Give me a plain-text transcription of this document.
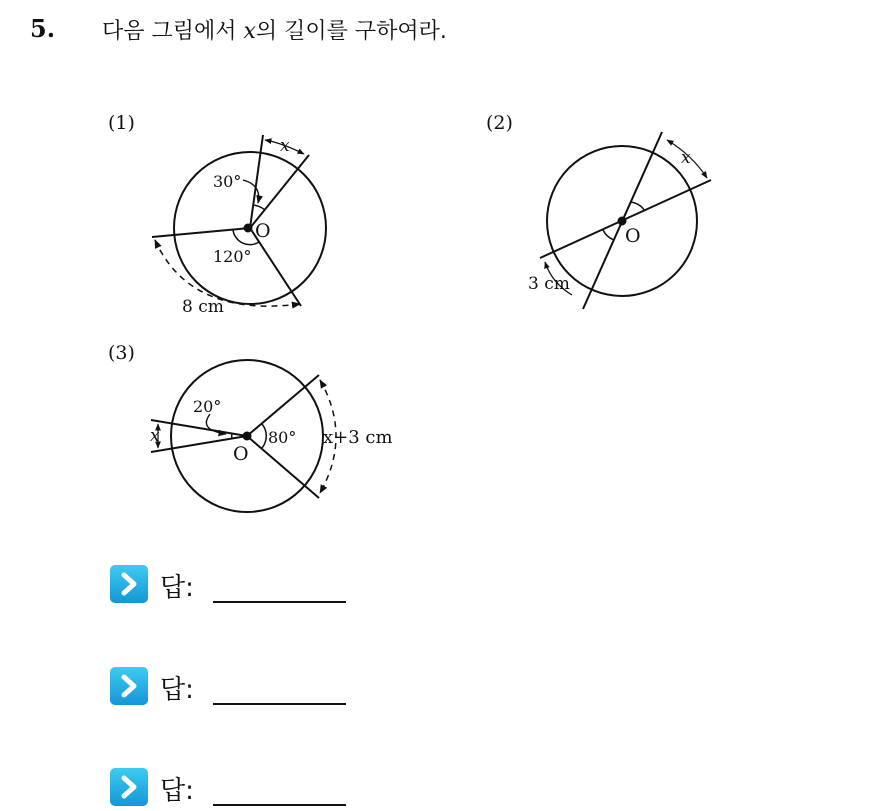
5. 다음 그림에서 x의 길이를 구하여라.
(1)	(2)
(3)
30°
120°
O
x
8 cm
x
O
3 cm
20°
80°
O
x	x+3 cm
답:
답:
답:
